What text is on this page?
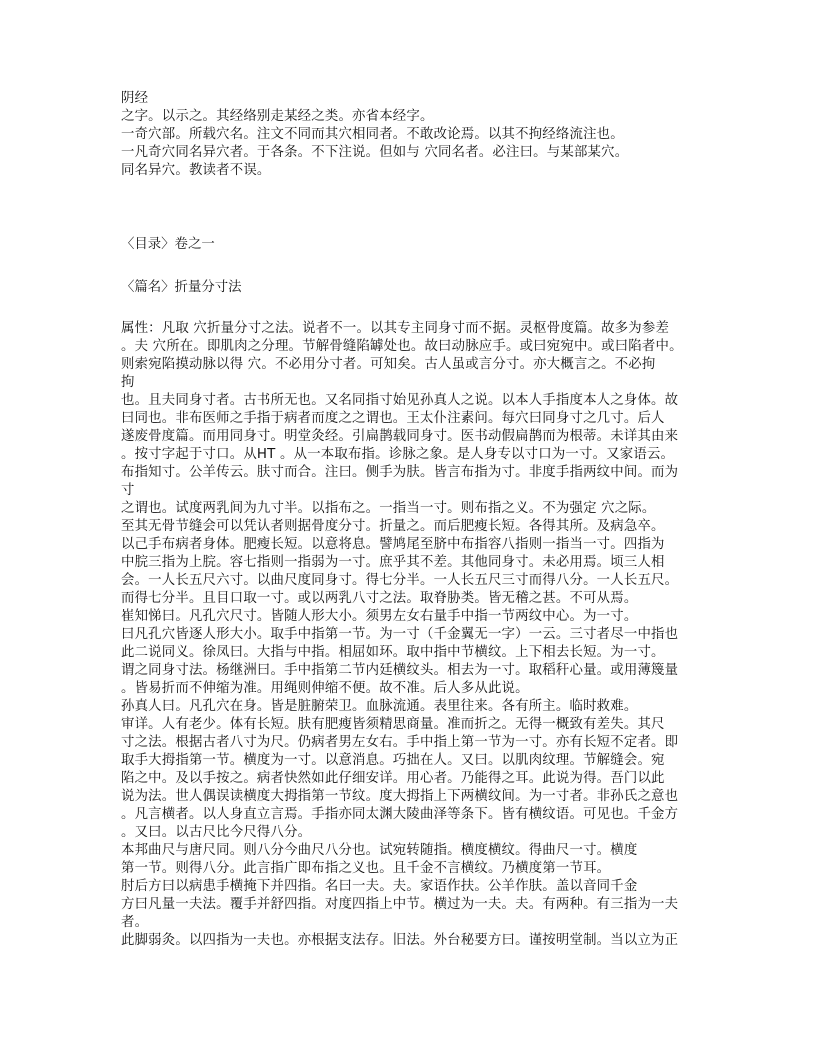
阴经
之字。以示之。其经络别走某经之类。亦省本经字。
一奇穴部。所载穴名。注文不同而其穴相同者。不敢改论焉。以其不拘经络流注也。
一凡奇穴同名异穴者。于各条。不下注说。但如与 穴同名者。必注曰。与某部某穴。
同名异穴。教读者不误。
〈目录〉卷之一
〈篇名〉折量分寸法
属性：凡取 穴折量分寸之法。说者不一。以其专主同身寸而不据。灵枢骨度篇。故多为参差
。夫 穴所在。即肌肉之分理。节解骨缝陷罅处也。故曰动脉应手。或曰宛宛中。或曰陷者中。
则索宛陷摸动脉以得 穴。不必用分寸者。可知矣。古人虽或言分寸。亦大概言之。不必拘
拘
也。且夫同身寸者。古书所无也。又名同指寸始见孙真人之说。以本人手指度本人之身体。故
曰同也。非布医师之手指于病者而度之之谓也。王太仆注素问。每穴曰同身寸之几寸。后人
遂废骨度篇。而用同身寸。明堂灸经。引扁鹊载同身寸。医书动假扁鹊而为根蒂。未详其由来
。按寸字起于寸口。从HT 。从一本取布指。诊脉之象。是人身专以寸口为一寸。又家语云。
布指知寸。公羊传云。肤寸而合。注曰。侧手为肤。皆言布指为寸。非度手指两纹中间。而为
寸
之谓也。试度两乳间为九寸半。以指布之。一指当一寸。则布指之义。不为强定 穴之际。
至其无骨节缝会可以凭认者则据骨度分寸。折量之。而后肥瘦长短。各得其所。及病急卒。
以己手布病者身体。肥瘦长短。以意将息。譬鸠尾至脐中布指容八指则一指当一寸。四指为
中脘三指为上脘。容七指则一指弱为一寸。庶乎其不差。其他同身寸。未必用焉。顷三人相
会。一人长五尺六寸。以曲尺度同身寸。得七分半。一人长五尺三寸而得八分。一人长五尺。
而得七分半。且目口取一寸。或以两乳八寸之法。取脊胁类。皆无稽之甚。不可从焉。
崔知悌曰。凡孔穴尺寸。皆随人形大小。须男左女右量手中指一节两纹中心。为一寸。
曰凡孔穴皆逐人形大小。取手中指第一节。为一寸（千金翼无一字）一云。三寸者尽一中指也
此二说同义。徐凤曰。大指与中指。相屈如环。取中指中节横纹。上下相去长短。为一寸。
谓之同身寸法。杨继洲曰。手中指第二节内廷横纹头。相去为一寸。取稻秆心量。或用薄篾量
。皆易折而不伸缩为准。用绳则伸缩不便。故不准。后人多从此说。
孙真人曰。凡孔穴在身。皆是脏腑荣卫。血脉流通。表里往来。各有所主。临时救难。
审详。人有老少。体有长短。肤有肥瘦皆须精思商量。准而折之。无得一概致有差失。其尺
寸之法。根据古者八寸为尺。仍病者男左女右。手中指上第一节为一寸。亦有长短不定者。即
取手大拇指第一节。横度为一寸。以意消息。巧拙在人。又曰。以肌肉纹理。节解缝会。宛
陷之中。及以手按之。病者快然如此仔细安详。用心者。乃能得之耳。此说为得。吾门以此
说为法。世人偶误读横度大拇指第一节纹。度大拇指上下两横纹间。为一寸者。非孙氏之意也
。凡言横者。以人身直立言焉。手指亦同太渊大陵曲泽等条下。皆有横纹语。可见也。千金方
。又曰。以古尺比今尺得八分。
本邦曲尺与唐尺同。则八分今曲尺八分也。试宛转随指。横度横纹。得曲尺一寸。横度
第一节。则得八分。此言指广即布指之义也。且千金不言横纹。乃横度第一节耳。
肘后方曰以病患手横掩下并四指。名曰一夫。夫。家语作扶。公羊作肤。盖以音同千金
方曰凡量一夫法。覆手并舒四指。对度四指上中节。横过为一夫。夫。有两种。有三指为一夫
者。
此脚弱灸。以四指为一夫也。亦根据支法存。旧法。外台秘要方曰。谨按明堂制。当以立为正
